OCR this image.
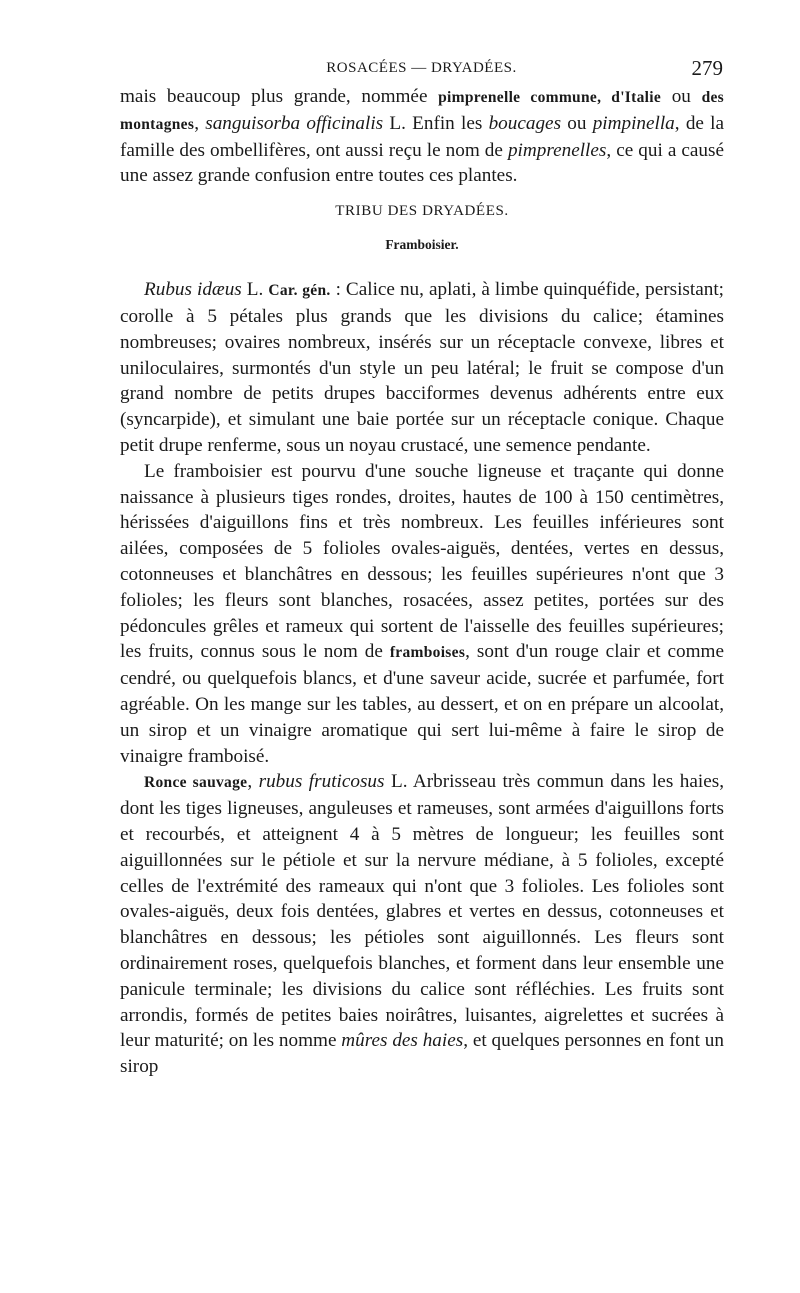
ROSACÉES — DRYADÉES.	279

mais beaucoup plus grande, nommée pimprenelle commune, d'Italie ou des montagnes, sanguisorba officinalis L. Enfin les boucages ou pimpinella, de la famille des ombellifères, ont aussi reçu le nom de pimprenelles, ce qui a causé une assez grande confusion entre toutes ces plantes.

TRIBU DES DRYADÉES.
Framboisier.

Rubus idæus L. Car. gén. : Calice nu, aplati, à limbe quinquéfide, persistant; corolle à 5 pétales plus grands que les divisions du calice; étamines nombreuses; ovaires nombreux, insérés sur un réceptacle convexe, libres et uniloculaires, surmontés d'un style un peu latéral; le fruit se compose d'un grand nombre de petits drupes bacciformes devenus adhérents entre eux (syncarpide), et simulant une baie portée sur un réceptacle conique. Chaque petit drupe renferme, sous un noyau crustacé, une semence pendante.

Le framboisier est pourvu d'une souche ligneuse et traçante qui donne naissance à plusieurs tiges rondes, droites, hautes de 100 à 150 centimètres, hérissées d'aiguillons fins et très nombreux. Les feuilles inférieures sont ailées, composées de 5 folioles ovales-aiguës, dentées, vertes en dessus, cotonneuses et blanchâtres en dessous; les feuilles supérieures n'ont que 3 folioles; les fleurs sont blanches, rosacées, assez petites, portées sur des pédoncules grêles et rameux qui sortent de l'aisselle des feuilles supérieures; les fruits, connus sous le nom de framboises, sont d'un rouge clair et comme cendré, ou quelquefois blancs, et d'une saveur acide, sucrée et parfumée, fort agréable. On les mange sur les tables, au dessert, et on en prépare un alcoolat, un sirop et un vinaigre aromatique qui sert lui-même à faire le sirop de vinaigre framboisé.

Ronce sauvage, rubus fruticosus L. Arbrisseau très commun dans les haies, dont les tiges ligneuses, anguleuses et rameuses, sont armées d'aiguillons forts et recourbés, et atteignent 4 à 5 mètres de longueur; les feuilles sont aiguillonnées sur le pétiole et sur la nervure médiane, à 5 folioles, excepté celles de l'extrémité des rameaux qui n'ont que 3 folioles. Les folioles sont ovales-aiguës, deux fois dentées, glabres et vertes en dessus, cotonneuses et blanchâtres en dessous; les pétioles sont aiguillonnés. Les fleurs sont ordinairement roses, quelquefois blanches, et forment dans leur ensemble une panicule terminale; les divisions du calice sont réfléchies. Les fruits sont arrondis, formés de petites baies noirâtres, luisantes, aigrelettes et sucrées à leur maturité; on les nomme mûres des haies, et quelques personnes en font un sirop
